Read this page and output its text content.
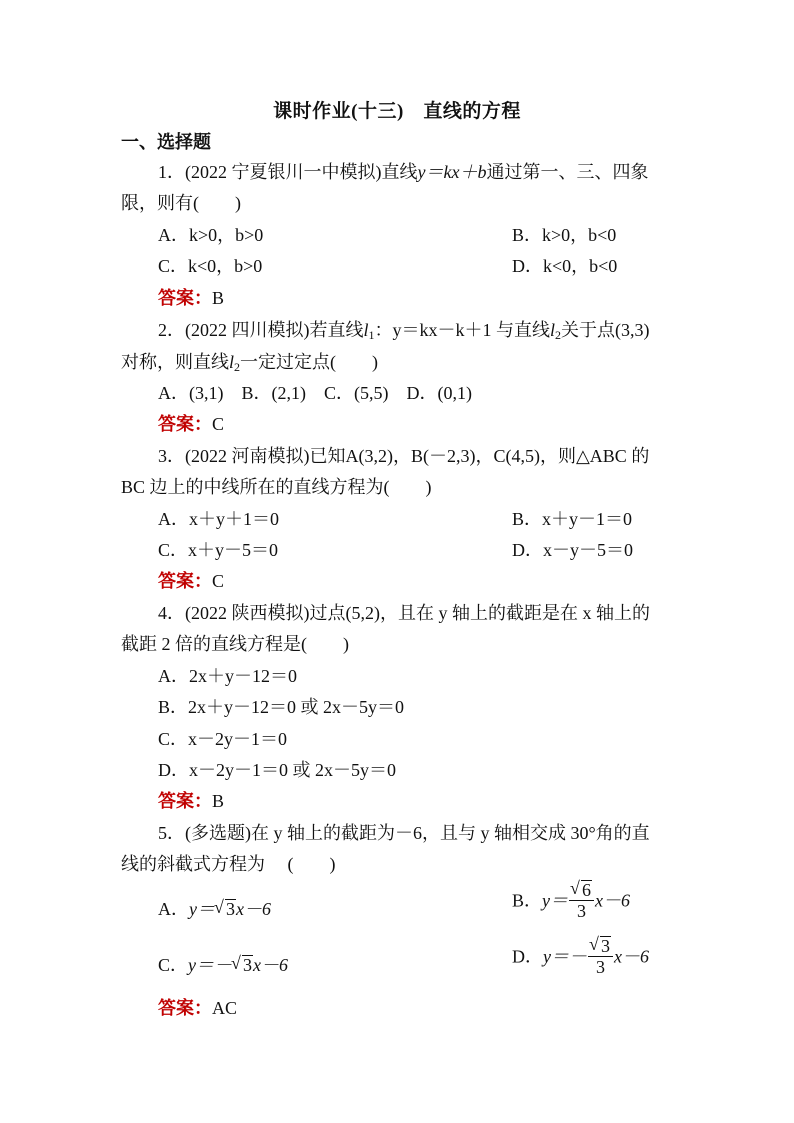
课时作业(十三)　直线的方程
一、选择题
1．(2022 宁夏银川一中模拟)直线y＝kx＋b通过第一、三、四象
限，则有(　　)
A．k>0，b>0	B．k>0，b<0
C．k<0，b>0	D．k<0，b<0
答案：B
2．(2022 四川模拟)若直线$l_1$：y＝kx－k＋1 与直线$l_2$关于点(3,3)
对称，则直线$l_2$一定过定点(　　)
A．(3,1)　B．(2,1)　C．(5,5)　D．(0,1)
答案：C
3．(2022 河南模拟)已知A(3,2)，B(－2,3)，C(4,5)，则△ABC 的
BC 边上的中线所在的直线方程为(　　)
A．x＋y＋1＝0	B．x＋y－1＝0
C．x＋y－5＝0	D．x－y－5＝0
答案：C
4．(2022 陕西模拟)过点(5,2)，且在 y 轴上的截距是在 x 轴上的
截距 2 倍的直线方程是(　　)
A．2x＋y－12＝0
B．2x＋y－12＝0 或 2x－5y＝0
C．x－2y－1＝0
D．x－2y－1＝0 或 2x－5y＝0
答案：B
5．(多选题)在 y 轴上的截距为－6，且与 y 轴相交成 30°角的直
线的斜截式方程为　 (　　)
A．y＝ √ 3x－6	B．y＝ √ $\frac{6}{3} x-6$
C．y＝－ √ 3x－6	D．y＝－ √ $\frac{3}{3} x-6$
答案：AC
